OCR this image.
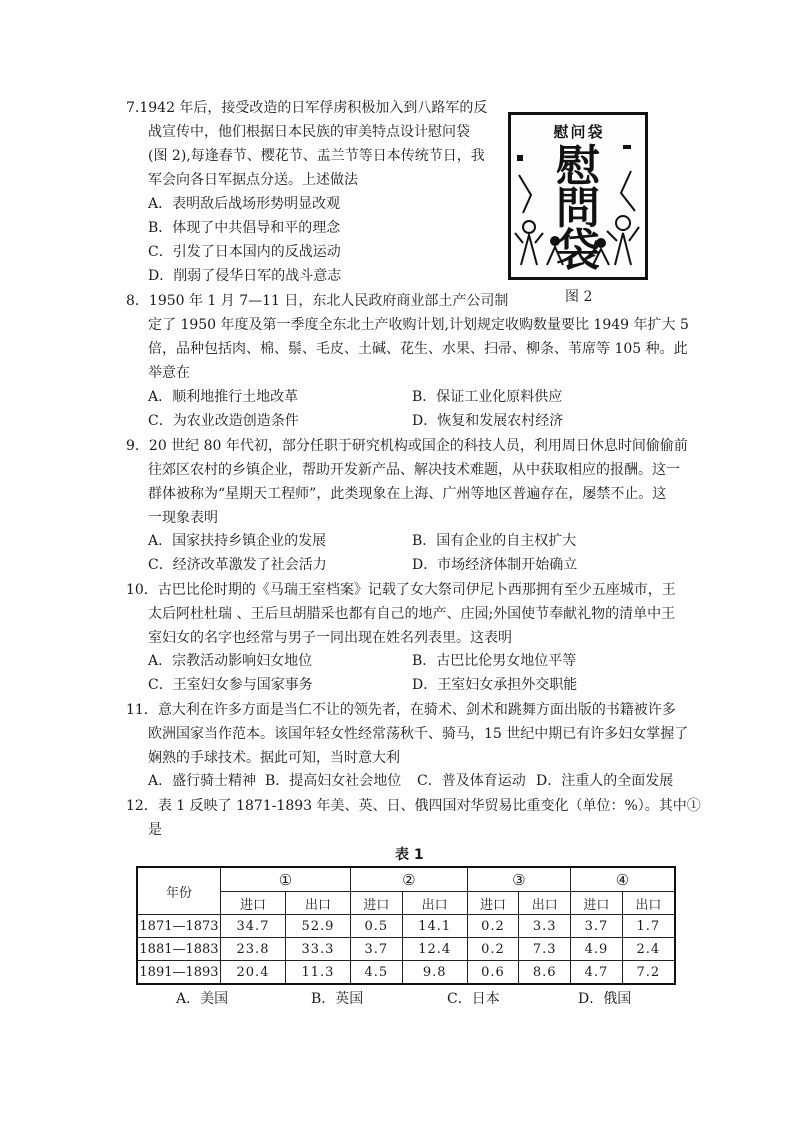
7.1942 年后，接受改造的日军俘虏积极加入到八路军的反
战宣传中，他们根据日本民族的审美特点设计慰问袋
(图 2),每逢春节、樱花节、盂兰节等日本传统节日，我
军会向各日军据点分送。上述做法
A．表明敌后战场形势明显改观
B．体现了中共倡导和平的理念
C．引发了日本国内的反战运动
D．削弱了侵华日军的战斗意志
慰问袋
慰
問
袋
图 2
8．1950 年 1 月 7—11 日，东北人民政府商业部土产公司制
定了 1950 年度及第一季度全东北土产收购计划,计划规定收购数量要比 1949 年扩大 5
倍，品种包括肉、棉、鬃、毛皮、土碱、花生、水果、扫帚、柳条、苇席等 105 种。此
举意在
A．顺利地推行土地改革	B．保证工业化原料供应
C．为农业改造创造条件	D．恢复和发展农村经济
9．20 世纪 80 年代初，部分任职于研究机构或国企的科技人员，利用周日休息时间偷偷前
往郊区农村的乡镇企业，帮助开发新产品、解决技术难题，从中获取相应的报酬。这一
群体被称为“星期天工程师”，此类现象在上海、广州等地区普遍存在，屡禁不止。这
一现象表明
A．国家扶持乡镇企业的发展	B．国有企业的自主权扩大
C．经济改革激发了社会活力	D．市场经济体制开始确立
10．古巴比伦时期的《马瑞王室档案》记载了女大祭司伊尼卜西那拥有至少五座城市，王
太后阿杜杜瑞 、王后旦胡腊采也都有自己的地产、庄园;外国使节奉献礼物的清单中王
室妇女的名字也经常与男子一同出现在姓名列表里。这表明
A．宗教活动影响妇女地位	B．古巴比伦男女地位平等
C．王室妇女参与国家事务	D．王室妇女承担外交职能
11．意大利在许多方面是当仁不让的领先者，在骑术、剑术和跳舞方面出版的书籍被许多
欧洲国家当作范本。该国年轻女性经常荡秋千、骑马，15 世纪中期已有许多妇女掌握了
娴熟的手球技术。据此可知，当时意大利
A．盛行骑士精神 B．提高妇女社会地位 C．普及体育运动 D．注重人的全面发展
12．表 1 反映了 1871-1893 年美、英、日、俄四国对华贸易比重变化（单位：%）。其中①
是
表 1
年份	①		②		③		④	
	进口	出口	进口	出口	进口	出口	进口	出口
1871—1873	34.7	52.9	0.5	14.1	0.2	3.3	3.7	1.7
1881—1883	23.8	33.3	3.7	12.4	0.2	7.3	4.9	2.4
1891—1893	20.4	11.3	4.5	9.8	0.6	8.6	4.7	7.2
A．美国	B．英国	C．日本	D．俄国
